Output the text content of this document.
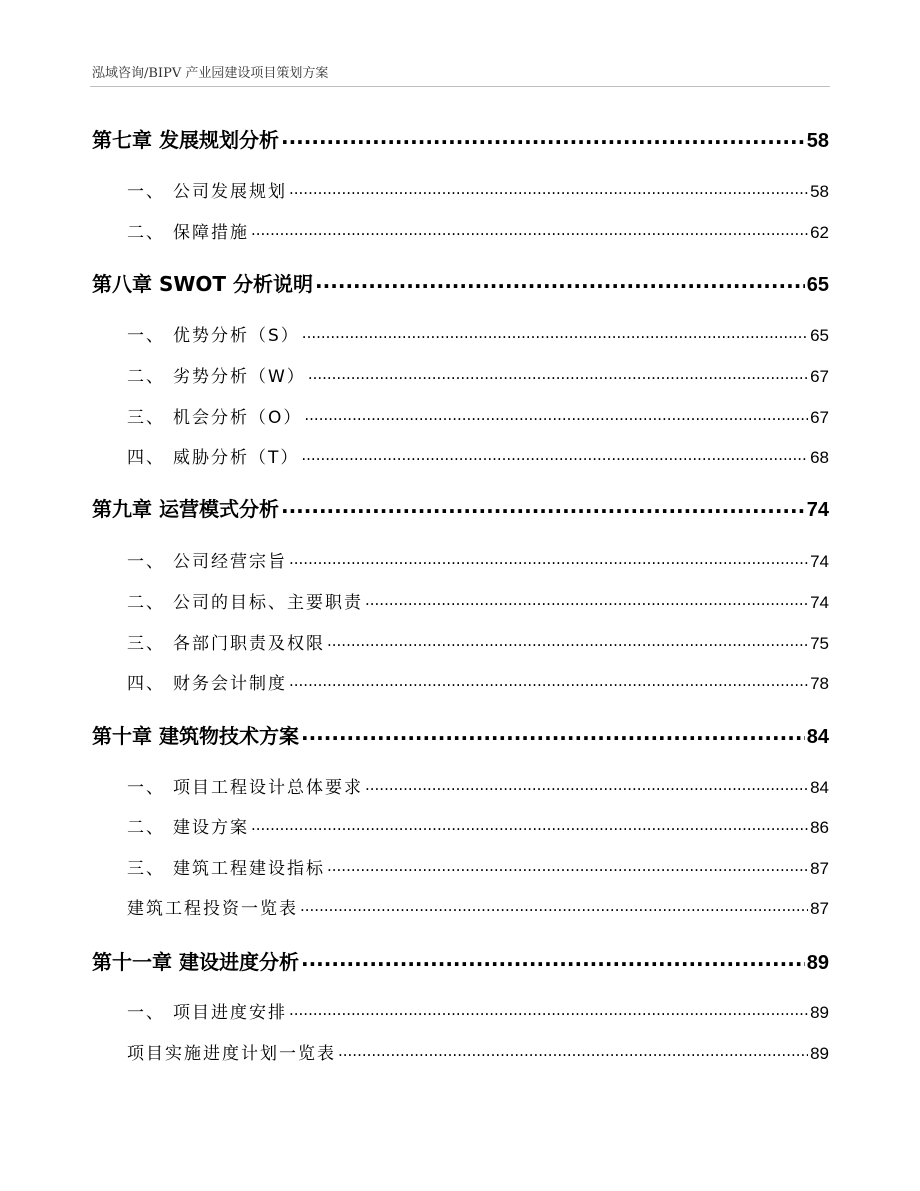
泓域咨询/BIPV 产业园建设项目策划方案
第七章 发展规划分析 .....	58
一、 公司发展规划 .....	58
二、 保障措施 .....	62
第八章 SWOT 分析说明 .....	65
一、 优势分析（S） .....	65
二、 劣势分析（W） .....	67
三、 机会分析（O） .....	67
四、 威胁分析（T） .....	68
第九章 运营模式分析 .....	74
一、 公司经营宗旨 .....	74
二、 公司的目标、主要职责 .....	74
三、 各部门职责及权限 .....	75
四、 财务会计制度 .....	78
第十章 建筑物技术方案 .....	84
一、 项目工程设计总体要求 .....	84
二、 建设方案 .....	86
三、 建筑工程建设指标 .....	87
建筑工程投资一览表 .....	87
第十一章 建设进度分析 .....	89
一、 项目进度安排 .....	89
项目实施进度计划一览表 .....	89
